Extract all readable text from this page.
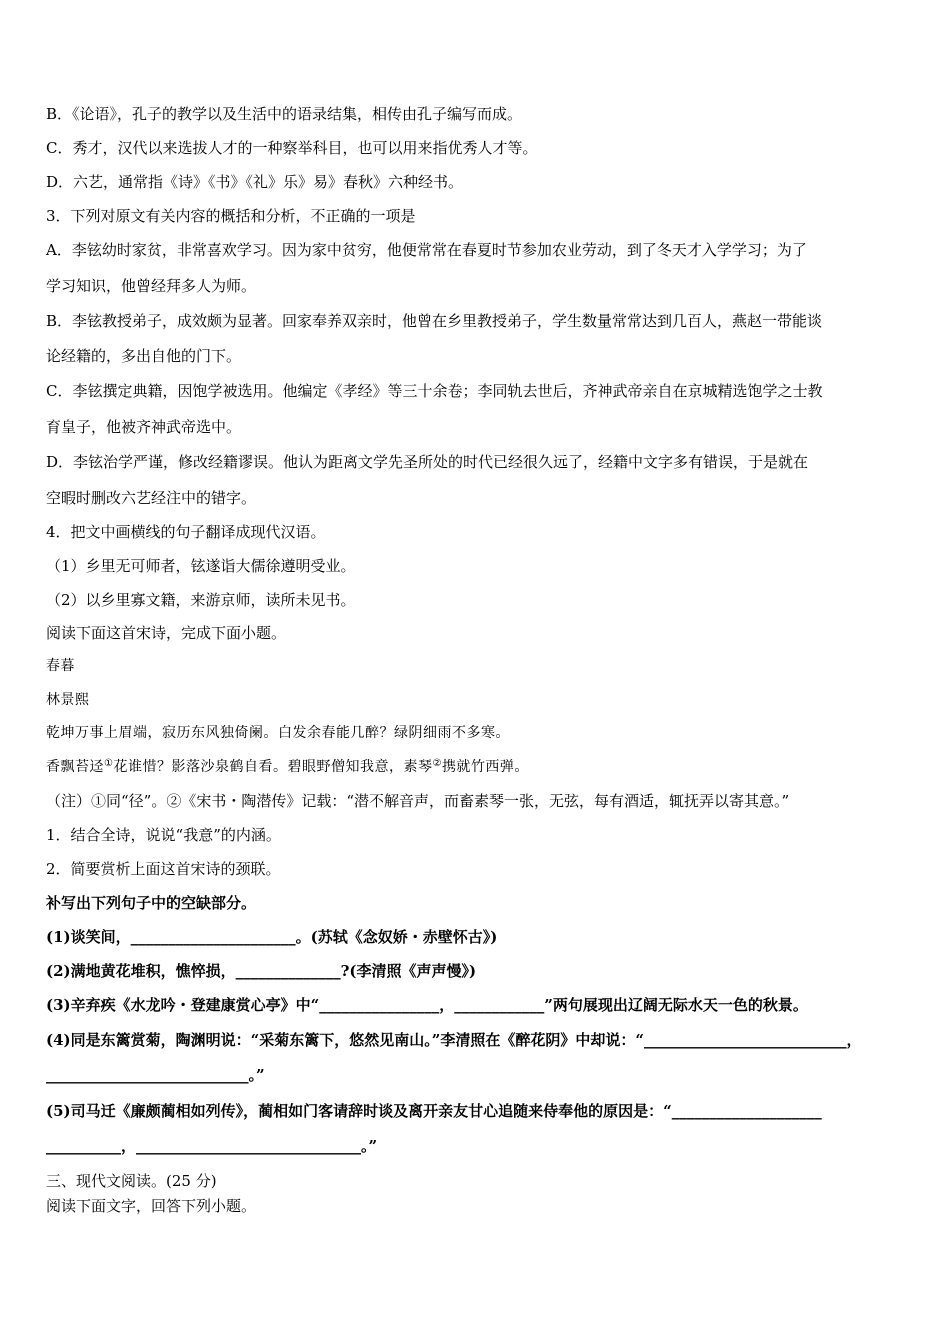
B．《论语》，孔子的教学以及生活中的语录结集，相传由孔子编写而成。
C．秀才，汉代以来选拔人才的一种察举科目，也可以用来指优秀人才等。
D．六艺，通常指《诗》《书》《礼》乐》易》春秋》六种经书。
3．下列对原文有关内容的概括和分析，不正确的一项是
A．李铉幼时家贫，非常喜欢学习。因为家中贫穷，他便常常在春夏时节参加农业劳动，到了冬天才入学学习；为了
学习知识，他曾经拜多人为师。
B．李铉教授弟子，成效颇为显著。回家奉养双亲时，他曾在乡里教授弟子，学生数量常常达到几百人，燕赵一带能谈
论经籍的，多出自他的门下。
C．李铉撰定典籍，因饱学被选用。他编定《孝经》等三十余卷；李同轨去世后，齐神武帝亲自在京城精选饱学之士教
育皇子，他被齐神武帝选中。
D．李铉治学严谨，修改经籍谬误。他认为距离文学先圣所处的时代已经很久远了，经籍中文字多有错误，于是就在
空暇时删改六艺经注中的错字。
4．把文中画横线的句子翻译成现代汉语。
（1）乡里无可师者，铉遂诣大儒徐遵明受业。
（2）以乡里寡文籍，来游京师，读所未见书。
阅读下面这首宋诗，完成下面小题。
春暮
林景熙
乾坤万事上眉端，寂历东风独倚阑。白发余春能几醉？绿阴细雨不多寒。
香飘苔迳①花谁惜？影落沙泉鹤自看。碧眼野僧知我意，素琴②携就竹西弹。
（注）①同“径”。②《宋书・陶潜传》记载：“潜不解音声，而畜素琴一张，无弦，每有酒适，辄抚弄以寄其意。”
1．结合全诗，说说“我意”的内涵。
2．简要赏析上面这首宋诗的颈联。
补写出下列句子中的空缺部分。
(1)谈笑间，______________________。(苏轼《念奴娇・赤壁怀古》)
(2)满地黄花堆积，憔悴损，______________?(李清照《声声慢》)
(3)辛弃疾《水龙吟・登建康赏心亭》中“________________，____________”两句展现出辽阔无际水天一色的秋景。
(4)同是东篱赏菊，陶渊明说：“采菊东篱下，悠然见南山。”李清照在《醉花阴》中却说：“___________________________，
___________________________。”
(5)司马迁《廉颇蔺相如列传》，蔺相如门客请辞时谈及离开亲友甘心追随来侍奉他的原因是：“____________________
__________，______________________________。”
三、现代文阅读。(25 分)
阅读下面文字，回答下列小题。
